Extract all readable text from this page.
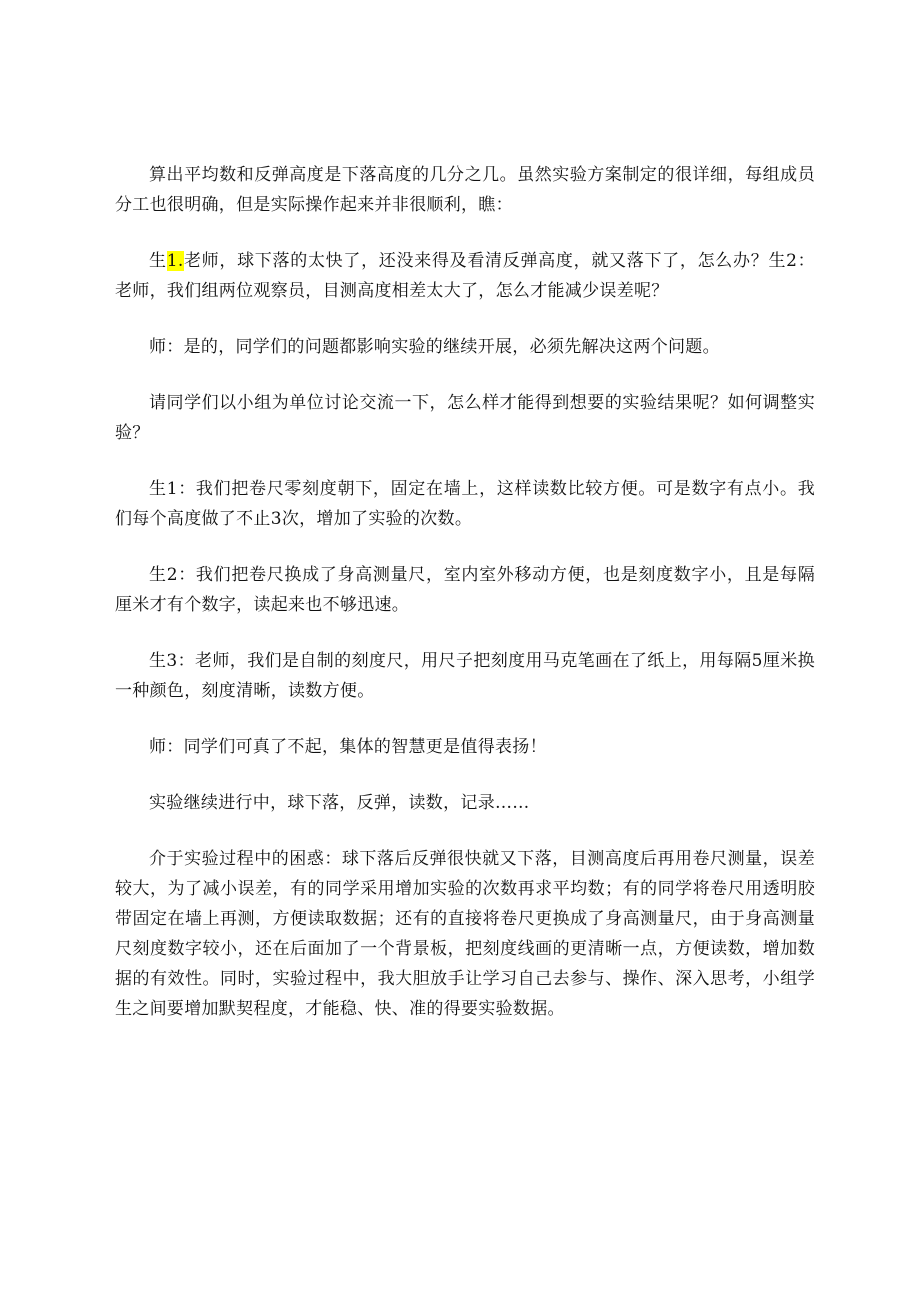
算出平均数和反弹高度是下落高度的几分之几。虽然实验方案制定的很详细，每组成员分工也很明确，但是实际操作起来并非很顺利，瞧：

生1.老师，球下落的太快了，还没来得及看清反弹高度，就又落下了，怎么办？生2：老师，我们组两位观察员，目测高度相差太大了，怎么才能减少误差呢？

师：是的，同学们的问题都影响实验的继续开展，必须先解决这两个问题。

请同学们以小组为单位讨论交流一下，怎么样才能得到想要的实验结果呢？如何调整实验？

生1：我们把卷尺零刻度朝下，固定在墙上，这样读数比较方便。可是数字有点小。我们每个高度做了不止3次，增加了实验的次数。

生2：我们把卷尺换成了身高测量尺，室内室外移动方便，也是刻度数字小，且是每隔厘米才有个数字，读起来也不够迅速。

生3：老师，我们是自制的刻度尺，用尺子把刻度用马克笔画在了纸上，用每隔5厘米换一种颜色，刻度清晰，读数方便。

师：同学们可真了不起，集体的智慧更是值得表扬！

实验继续进行中，球下落，反弹，读数，记录……

介于实验过程中的困惑：球下落后反弹很快就又下落，目测高度后再用卷尺测量，误差较大，为了减小误差，有的同学采用增加实验的次数再求平均数；有的同学将卷尺用透明胶带固定在墙上再测，方便读取数据；还有的直接将卷尺更换成了身高测量尺，由于身高测量尺刻度数字较小，还在后面加了一个背景板，把刻度线画的更清晰一点，方便读数，增加数据的有效性。同时，实验过程中，我大胆放手让学习自己去参与、操作、深入思考，小组学生之间要增加默契程度，才能稳、快、准的得要实验数据。
